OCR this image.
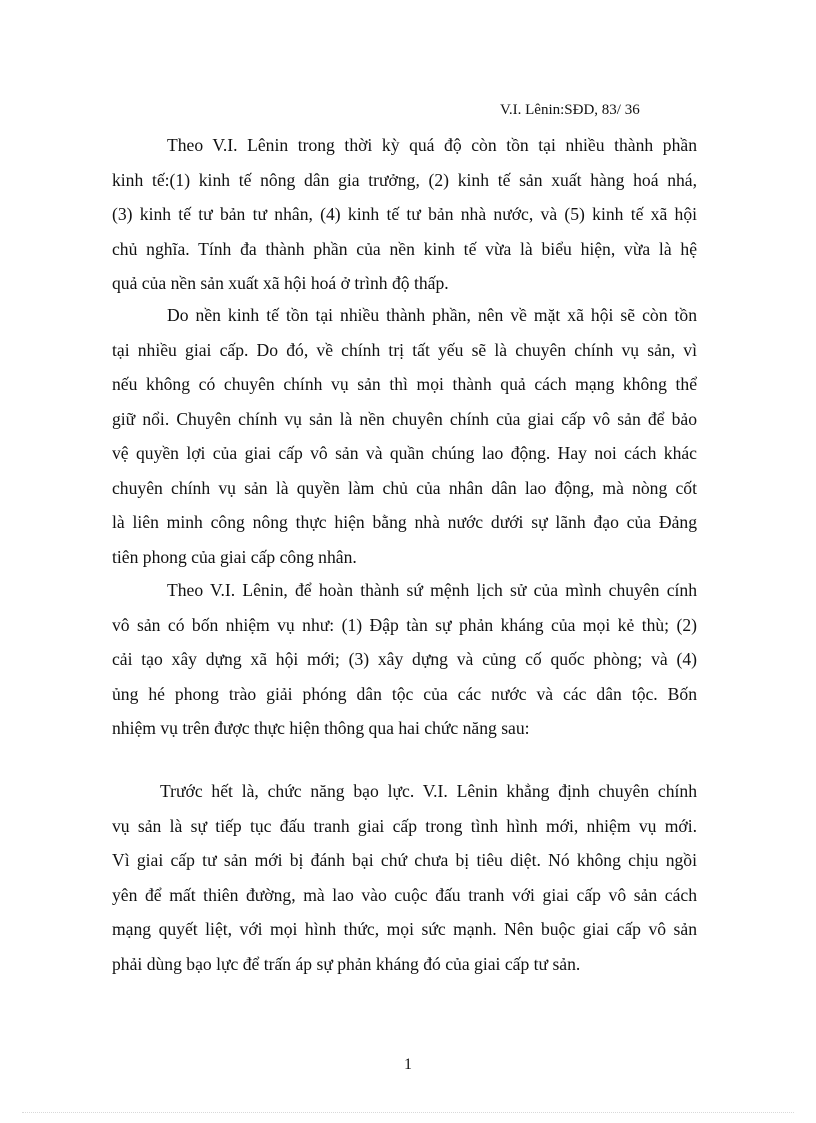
V.I. Lênin:SĐD, 83/ 36
Theo V.I. Lênin trong thời kỳ quá độ còn tồn tại nhiều thành phần
kinh tế:(1) kinh tế nông dân gia trưởng, (2) kinh tế sản xuất hàng hoá nhá,
(3) kinh tế tư bản tư nhân, (4) kinh tế tư bản nhà nước, và (5) kinh tế xã hội
chủ nghĩa. Tính đa thành phần của nền kinh tế vừa là biểu hiện, vừa là hệ
quả của nền sản xuất xã hội hoá ở trình độ thấp.
Do nền kinh tế tồn tại nhiều thành phần, nên về mặt xã hội sẽ còn tồn
tại nhiều giai cấp. Do đó, về chính trị tất yếu sẽ là chuyên chính vụ sản, vì
nếu không có chuyên chính vụ sản thì mọi thành quả cách mạng không thể
giữ nổi. Chuyên chính vụ sản là nền chuyên chính của giai cấp vô sản để bảo
vệ quyền lợi của giai cấp vô sản và quần chúng lao động. Hay noi cách khác
chuyên chính vụ sản là quyền làm chủ của nhân dân lao động, mà nòng cốt
là liên minh công nông thực hiện bằng nhà nước dưới sự lãnh đạo của Đảng
tiên phong của giai cấp công nhân.
Theo V.I. Lênin, để hoàn thành sứ mệnh lịch sử của mình chuyên cính
vô sản có bốn nhiệm vụ như: (1) Đập tàn sự phản kháng của mọi kẻ thù; (2)
cải tạo xây dựng xã hội mới; (3) xây dựng và củng cố quốc phòng; và (4)
ủng hé phong trào giải phóng dân tộc của các nước và các dân tộc. Bốn
nhiệm vụ trên được thực hiện thông qua hai chức năng sau:
Trước hết là, chức năng bạo lực. V.I. Lênin khẳng định chuyên chính
vụ sản là sự tiếp tục đấu tranh giai cấp trong tình hình mới, nhiệm vụ mới.
Vì giai cấp tư sản mới bị đánh bại chứ chưa bị tiêu diệt. Nó không chịu ngồi
yên để mất thiên đường, mà lao vào cuộc đấu tranh với giai cấp vô sản cách
mạng quyết liệt, với mọi hình thức, mọi sức mạnh. Nên buộc giai cấp vô sản
phải dùng bạo lực để trấn áp sự phản kháng đó của giai cấp tư sản.
1
